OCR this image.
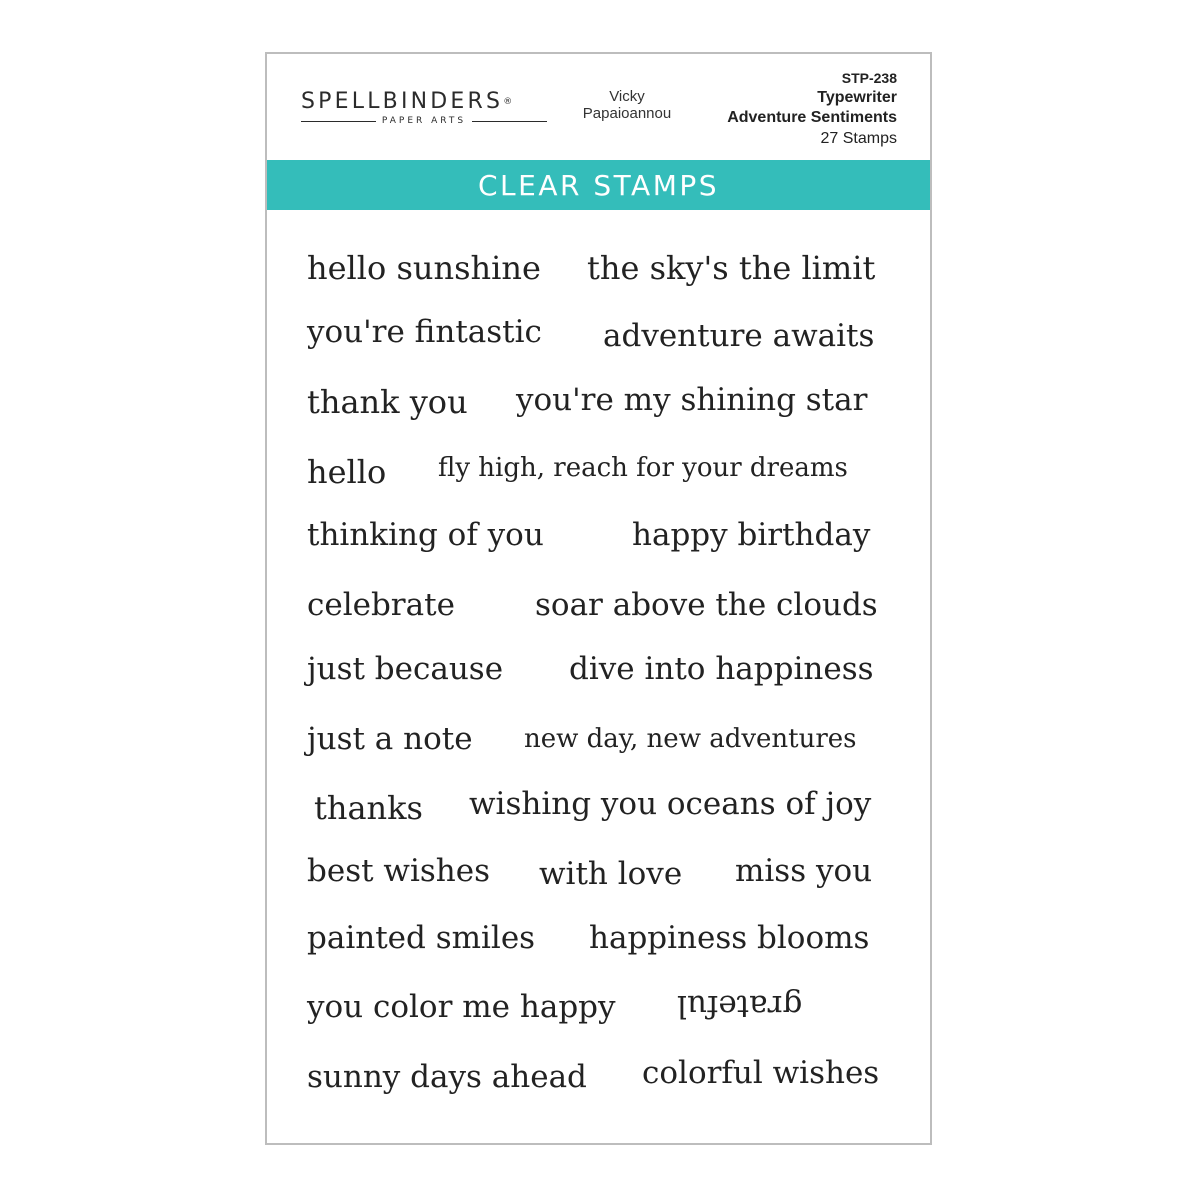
SPELLBINDERS®
PAPER ARTS
Vicky
Papaioannou
STP-238
Typewriter
Adventure Sentiments
27 Stamps
CLEAR STAMPS
hello sunshine the sky's the limit
you're fintastic adventure awaits
thank you you're my shining star
hello fly high, reach for your dreams
thinking of you	happy birthday
celebrate	soar above the clouds
just because dive into happiness
just a note new day, new adventures
thanks wishing you oceans of joy
best wishes with love miss you
painted smiles happiness blooms
you color me happy grateful
sunny days ahead colorful wishes
